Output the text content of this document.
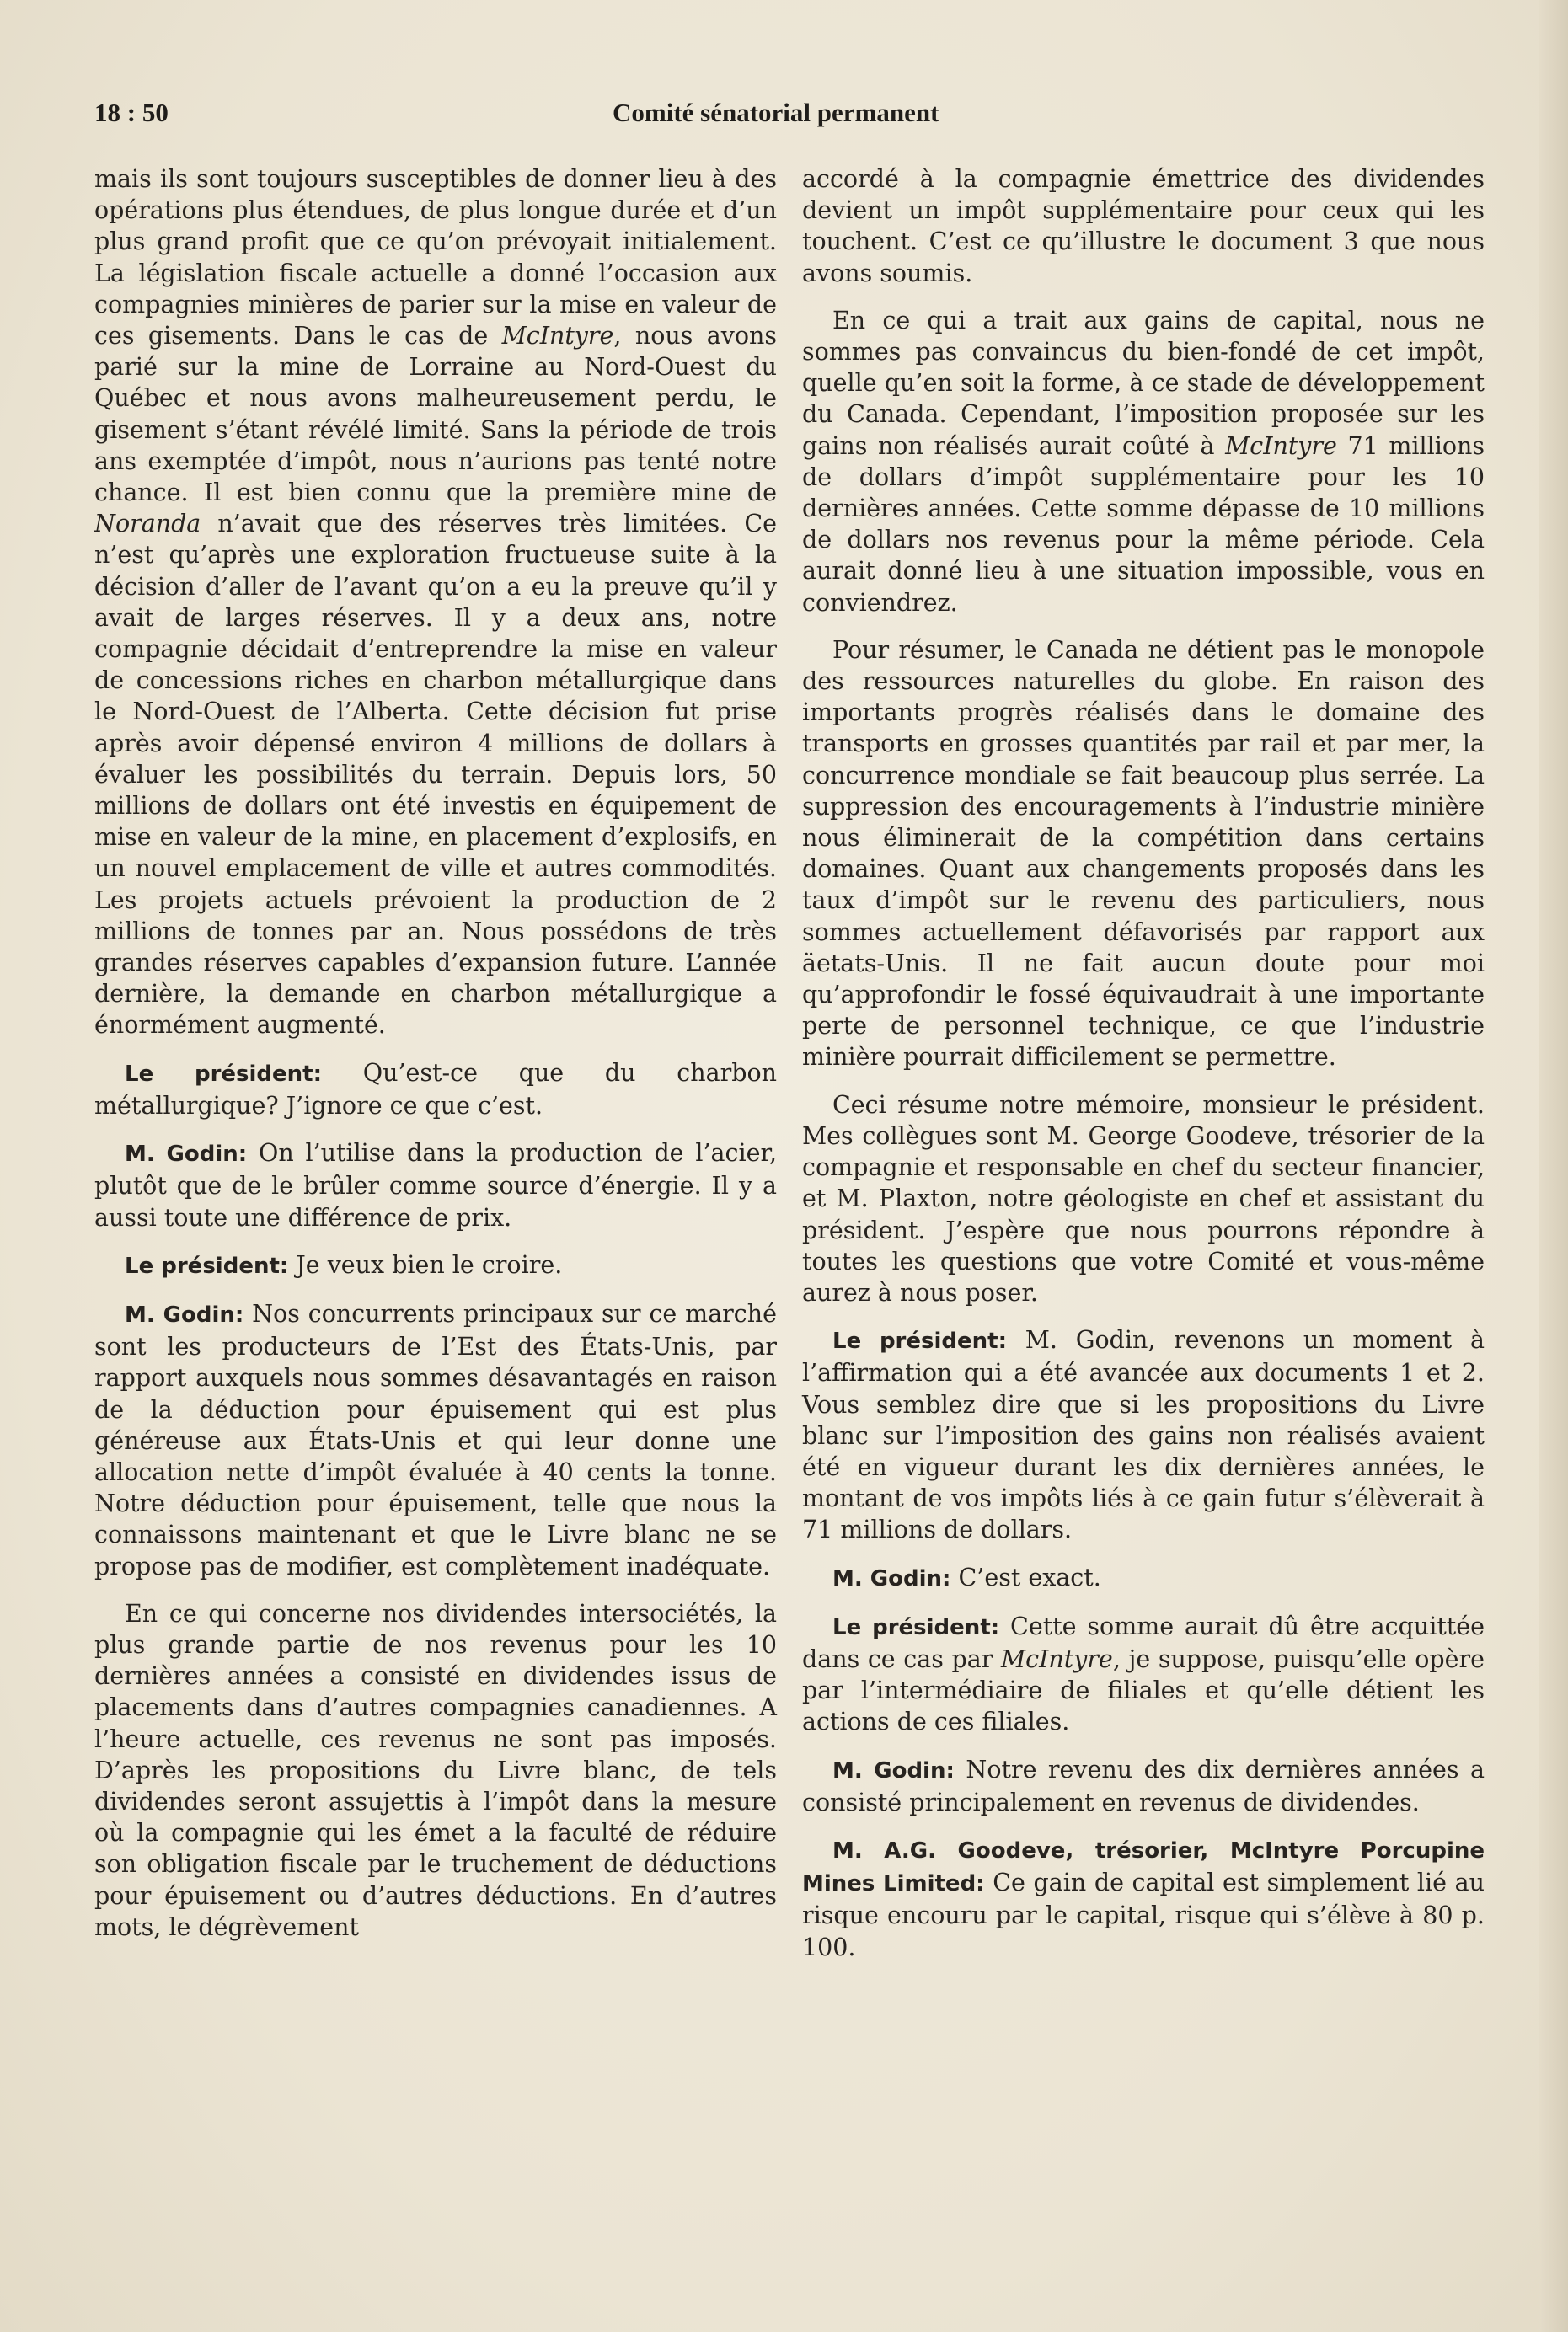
18 : 50	Comité sénatorial permanent

mais ils sont toujours susceptibles de donner lieu à des opérations plus étendues, de plus longue durée et d’un plus grand profit que ce qu’on prévoyait initialement. La législation fiscale actuelle a donné l’occasion aux compagnies minières de parier sur la mise en valeur de ces gisements. Dans le cas de McIntyre, nous avons parié sur la mine de Lorraine au Nord-Ouest du Québec et nous avons malheureusement perdu, le gisement s’étant révélé limité. Sans la période de trois ans exemptée d’impôt, nous n’aurions pas tenté notre chance. Il est bien connu que la première mine de Noranda n’avait que des réserves très limitées. Ce n’est qu’après une exploration fructueuse suite à la décision d’aller de l’avant qu’on a eu la preuve qu’il y avait de larges réserves. Il y a deux ans, notre compagnie décidait d’entreprendre la mise en valeur de concessions riches en charbon métallurgique dans le Nord-Ouest de l’Alberta. Cette décision fut prise après avoir dépensé environ 4 millions de dollars à évaluer les possibilités du terrain. Depuis lors, 50 millions de dollars ont été investis en équipement de mise en valeur de la mine, en placement d’explosifs, en un nouvel emplacement de ville et autres commodités. Les projets actuels prévoient la production de 2 millions de tonnes par an. Nous possédons de très grandes réserves capables d’expansion future. L’année dernière, la demande en charbon métallurgique a énormément augmenté.

Le président: Qu’est-ce que du charbon métallurgique? J’ignore ce que c’est.

M. Godin: On l’utilise dans la production de l’acier, plutôt que de le brûler comme source d’énergie. Il y a aussi toute une différence de prix.

Le président: Je veux bien le croire.

M. Godin: Nos concurrents principaux sur ce marché sont les producteurs de l’Est des États-Unis, par rapport auxquels nous sommes désavantagés en raison de la déduction pour épuisement qui est plus généreuse aux États-Unis et qui leur donne une allocation nette d’impôt évaluée à 40 cents la tonne. Notre déduction pour épuisement, telle que nous la connaissons maintenant et que le Livre blanc ne se propose pas de modifier, est complètement inadéquate.

En ce qui concerne nos dividendes intersociétés, la plus grande partie de nos revenus pour les 10 dernières années a consisté en dividendes issus de placements dans d’autres compagnies canadiennes. A l’heure actuelle, ces revenus ne sont pas imposés. D’après les propositions du Livre blanc, de tels dividendes seront assujettis à l’impôt dans la mesure où la compagnie qui les émet a la faculté de réduire son obligation fiscale par le truchement de déductions pour épuisement ou d’autres déductions. En d’autres mots, le dégrèvement

accordé à la compagnie émettrice des dividendes devient un impôt supplémentaire pour ceux qui les touchent. C’est ce qu’illustre le document 3 que nous avons soumis.

En ce qui a trait aux gains de capital, nous ne sommes pas convaincus du bien-fondé de cet impôt, quelle qu’en soit la forme, à ce stade de développement du Canada. Cependant, l’imposition proposée sur les gains non réalisés aurait coûté à McIntyre 71 millions de dollars d’impôt supplémentaire pour les 10 dernières années. Cette somme dépasse de 10 millions de dollars nos revenus pour la même période. Cela aurait donné lieu à une situation impossible, vous en conviendrez.

Pour résumer, le Canada ne détient pas le monopole des ressources naturelles du globe. En raison des importants progrès réalisés dans le domaine des transports en grosses quantités par rail et par mer, la concurrence mondiale se fait beaucoup plus serrée. La suppression des encouragements à l’industrie minière nous éliminerait de la compétition dans certains domaines. Quant aux changements proposés dans les taux d’impôt sur le revenu des particuliers, nous sommes actuellement défavorisés par rapport aux äetats-Unis. Il ne fait aucun doute pour moi qu’approfondir le fossé équivaudrait à une importante perte de personnel technique, ce que l’industrie minière pourrait difficilement se permettre.

Ceci résume notre mémoire, monsieur le président. Mes collègues sont M. George Goodeve, trésorier de la compagnie et responsable en chef du secteur financier, et M. Plaxton, notre géologiste en chef et assistant du président. J’espère que nous pourrons répondre à toutes les questions que votre Comité et vous-même aurez à nous poser.

Le président: M. Godin, revenons un moment à l’affirmation qui a été avancée aux documents 1 et 2. Vous semblez dire que si les propositions du Livre blanc sur l’imposition des gains non réalisés avaient été en vigueur durant les dix dernières années, le montant de vos impôts liés à ce gain futur s’élèverait à 71 millions de dollars.

M. Godin: C’est exact.

Le président: Cette somme aurait dû être acquittée dans ce cas par McIntyre, je suppose, puisqu’elle opère par l’intermédiaire de filiales et qu’elle détient les actions de ces filiales.

M. Godin: Notre revenu des dix dernières années a consisté principalement en revenus de dividendes.

M. A.G. Goodeve, trésorier, McIntyre Porcupine Mines Limited: Ce gain de capital est simplement lié au risque encouru par le capital, risque qui s’élève à 80 p. 100.
